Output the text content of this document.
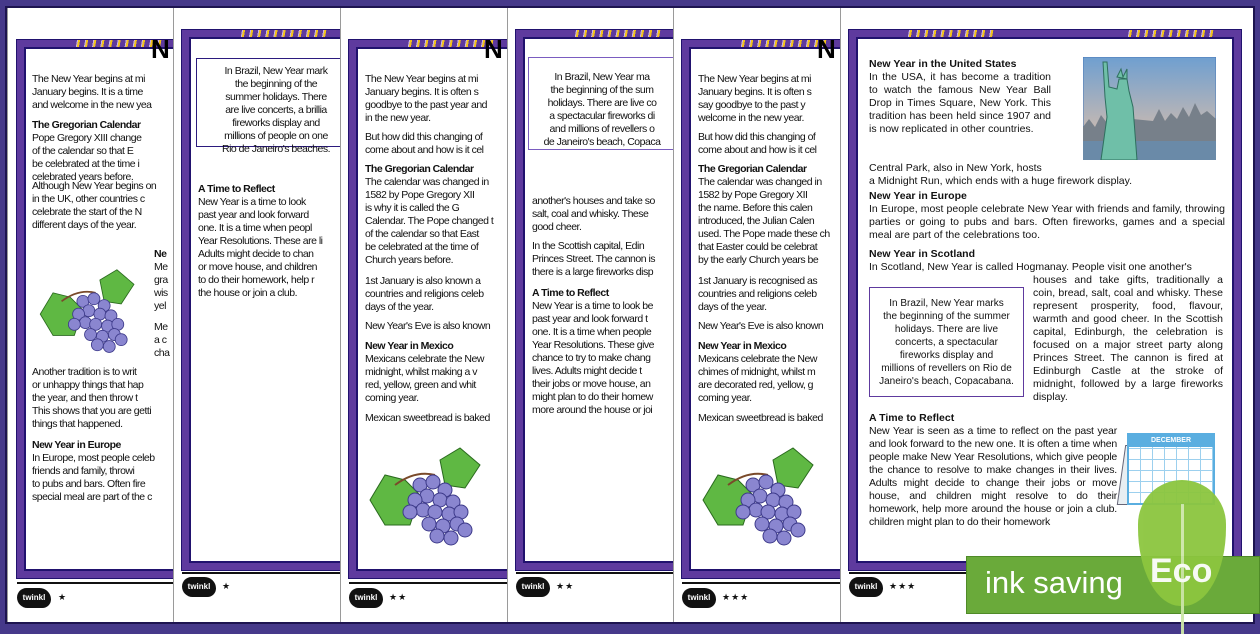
N
The New Year begins at mi
January begins. It is a time
and welcome in the new yea
The Gregorian Calendar
Pope Gregory XIII change
of the calendar so that E
be celebrated at the time i
celebrated years before.
Although New Year begins on
in the UK, other countries c
celebrate the start of the N
different days of the year.
Ne
Me
gra
wis
yel
Me
a c
cha
Another tradition is to writ
or unhappy things that hap
the year, and then throw t
This shows that you are getti
things that happened.
New Year in Europe
In Europe, most people celeb
friends and family, throwi
to pubs and bars. Often fire
special meal are part of the c
twinkl	★
In Brazil, New Year mark
the beginning of the
summer holidays. There
are live concerts, a brillia
fireworks display and
millions of people on one
Rio de Janeiro's beaches.
A Time to Reflect
New Year is a time to look
past year and look forward
one. It is a time when peopl
Year Resolutions. These are li
Adults might decide to chan
or move house, and children
to do their homework, help r
the house or join a club.
twinkl	★
N
The New Year begins at mi
January begins. It is often s
goodbye to the past year and
in the new year.
But how did this changing of
come about and how is it cel
The Gregorian Calendar
The calendar was changed in
1582 by Pope Gregory XII
is why it is called the G
Calendar. The Pope changed t
of the calendar so that East
be celebrated at the time of
Church years before.
1st January is also known a
countries and religions celeb
days of the year.
New Year's Eve is also known
New Year in Mexico
Mexicans celebrate the New
midnight, whilst making a v
red, yellow, green and whit
coming year.
Mexican sweetbread is baked
twinkl	★★
In Brazil, New Year ma
the beginning of the sum
holidays. There are live co
a spectacular fireworks di
and millions of revellers o
de Janeiro's beach, Copaca
another's houses and take so
salt, coal and whisky. These
good cheer.
In the Scottish capital, Edin
Princes Street. The cannon is
there is a large fireworks disp
A Time to Reflect
New Year is a time to look be
past year and look forward t
one. It is a time when people
Year Resolutions. These give
chance to try to make chang
lives. Adults might decide t
their jobs or move house, an
might plan to do their homew
more around the house or joi
twinkl	★★
N
The New Year begins at mi
January begins. It is often s
say goodbye to the past y
welcome in the new year.
But how did this changing of
come about and how is it cel
The Gregorian Calendar
The calendar was changed in
1582 by Pope Gregory XII
the name. Before this calen
introduced, the Julian Calen
used. The Pope made these ch
that Easter could be celebrat
by the early Church years be
1st January is recognised as
countries and religions celeb
days of the year.
New Year's Eve is also known
New Year in Mexico
Mexicans celebrate the New
chimes of midnight, whilst m
are decorated red, yellow, g
coming year.
Mexican sweetbread is baked
twinkl	★★★
New Year in the United States
In the USA, it has become a tradition to watch the famous New Year Ball Drop in Times Square, New York. This tradition has been held since 1907 and is now replicated in other countries.
Central Park, also in New York, hosts
a Midnight Run, which ends with a huge firework display.
New Year in Europe
In Europe, most people celebrate New Year with friends and family, throwing parties or going to pubs and bars. Often fireworks, games and a special meal are part of the celebrations too.
New Year in Scotland
In Scotland, New Year is called Hogmanay. People visit one another's
houses and take gifts, traditionally a coin, bread, salt, coal and whisky. These represent prosperity, food, flavour, warmth and good cheer. In the Scottish capital, Edinburgh, the celebration is focused on a major street party along Princes Street. The cannon is fired at Edinburgh Castle at the stroke of midnight, followed by a large fireworks display.
In Brazil, New Year marks
the beginning of the summer
holidays. There are live
concerts, a spectacular
fireworks display and
millions of revellers on Rio de
Janeiro's beach, Copacabana.
A Time to Reflect
New Year is seen as a time to reflect on the past year and look forward to the new one. It is often a time when people make New Year Resolutions, which give people the chance to resolve to make changes in their lives. Adults might decide to change their jobs or move house, and children might resolve to do their homework, help more around the house or join a club. children might plan to do their homework
DECEMBER
twinkl	★★★ ink saving Eco
